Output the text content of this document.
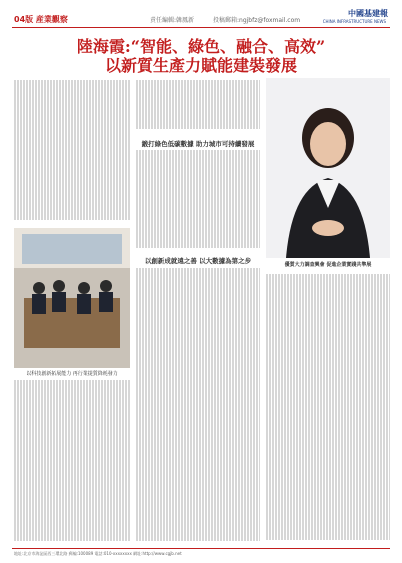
04版 産業觀察	責任編輯:韓鳳新	投稿郵箱:ngjbfz@foxmail.com
中國基建報
CHINA INFRASTRUCTURE NEWS
陸海霞:“智能、綠色、融合、高效”
以新質生產力賦能建裝發展
鍛打綠色低碳數據 助力城市可持續發展
以科技創新拓展能力 再行業提質降耗發力
以創新成就遠之善 以大數據為第之步	優質大力調查興會 促進企業實踐共準展
地址:北京市海淀區西三環北路 郵編:100089 電話:010-xxxxxxxx 網址:http://www.cgjb.net
